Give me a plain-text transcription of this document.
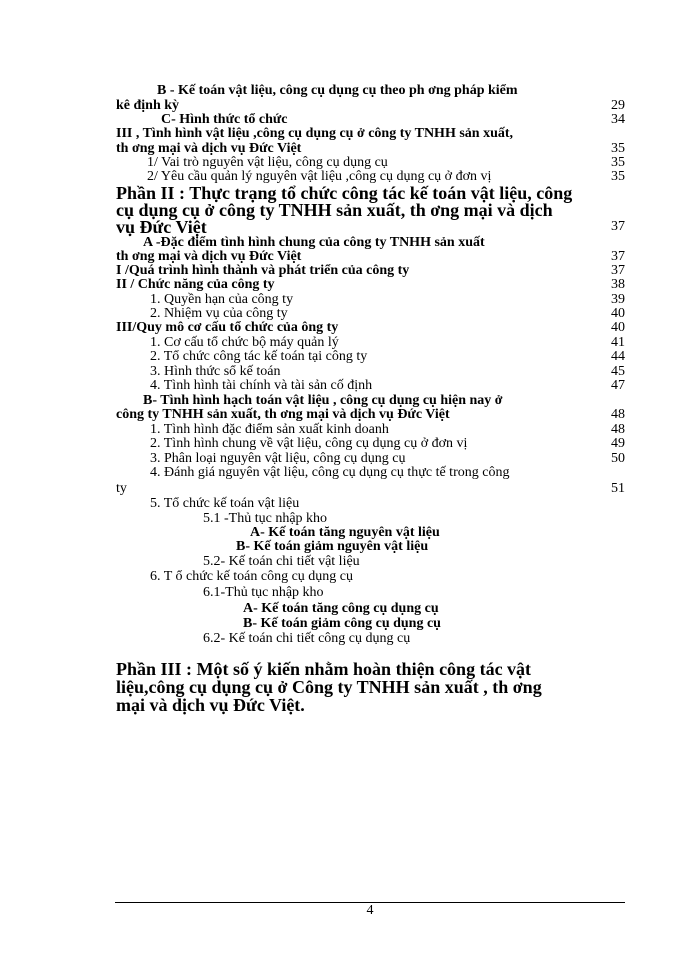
B - Kế toán vật liệu, công cụ dụng cụ theo ph ơng pháp kiểm
kê định kỳ	29
C- Hình thức tổ chức	34
III , Tình hình vật liệu ,công cụ dụng cụ ở công ty TNHH sản xuất,
th ơng mại và dịch vụ Đức Việt	35
1/ Vai trò nguyên vật liệu, công cụ dụng cụ	35
2/ Yêu cầu quản lý nguyên vật liệu ,công cụ dụng cụ ở đơn vị	35
Phần II : Thực trạng tổ chức công tác kế toán vật liệu, công
cụ dụng cụ ở công ty TNHH sản xuất, th ơng mại và dịch
vụ Đức Việt	37
A -Đặc điểm tình hình chung của công ty TNHH sản xuất
th ơng mại và dịch vụ Đức Việt	37
I /Quá trình hình thành và phát triển của công ty	37
II / Chức năng của công ty	38
1. Quyền hạn của công ty	39
2. Nhiệm vụ của công ty	40
III/Quy mô cơ cấu tổ chức của ông ty	40
1. Cơ cấu tổ chức bộ máy quản lý	41
2. Tổ chức công tác kế toán tại công ty	44
3. Hình thức sổ kế toán	45
4. Tình hình tài chính và tài sản cố định	47
B- Tình hình hạch toán vật liệu , công cụ dụng cụ hiện nay ở
công ty TNHH sản xuất, th ơng mại và dịch vụ Đức Việt	48
1. Tình hình đặc điểm sản xuất kinh doanh	48
2. Tình hình chung về vật liệu, công cụ dụng cụ ở đơn vị	49
3. Phân loại nguyên vật liệu, công cụ dụng cụ	50
4. Đánh giá nguyên vật liệu, công cụ dụng cụ thực tế trong công
ty	51
5. Tổ chức kế toán vật liệu
5.1 -Thủ tục nhập kho
A- Kế toán tăng nguyên vật liệu
B- Kế toán giảm nguyên vật liệu
5.2- Kế toán chi tiết vật liệu
6. T ổ chức kế toán công cụ dụng cụ
6.1-Thủ tục nhập kho
A- Kế toán tăng công cụ dụng cụ
B- Kế toán giảm công cụ dụng cụ
6.2- Kế toán chi tiết công cụ dụng cụ
Phần III : Một số ý kiến nhằm hoàn thiện công tác vật
liệu,công cụ dụng cụ ở Công ty TNHH sản xuất , th ơng
mại và dịch vụ Đức Việt.
4
